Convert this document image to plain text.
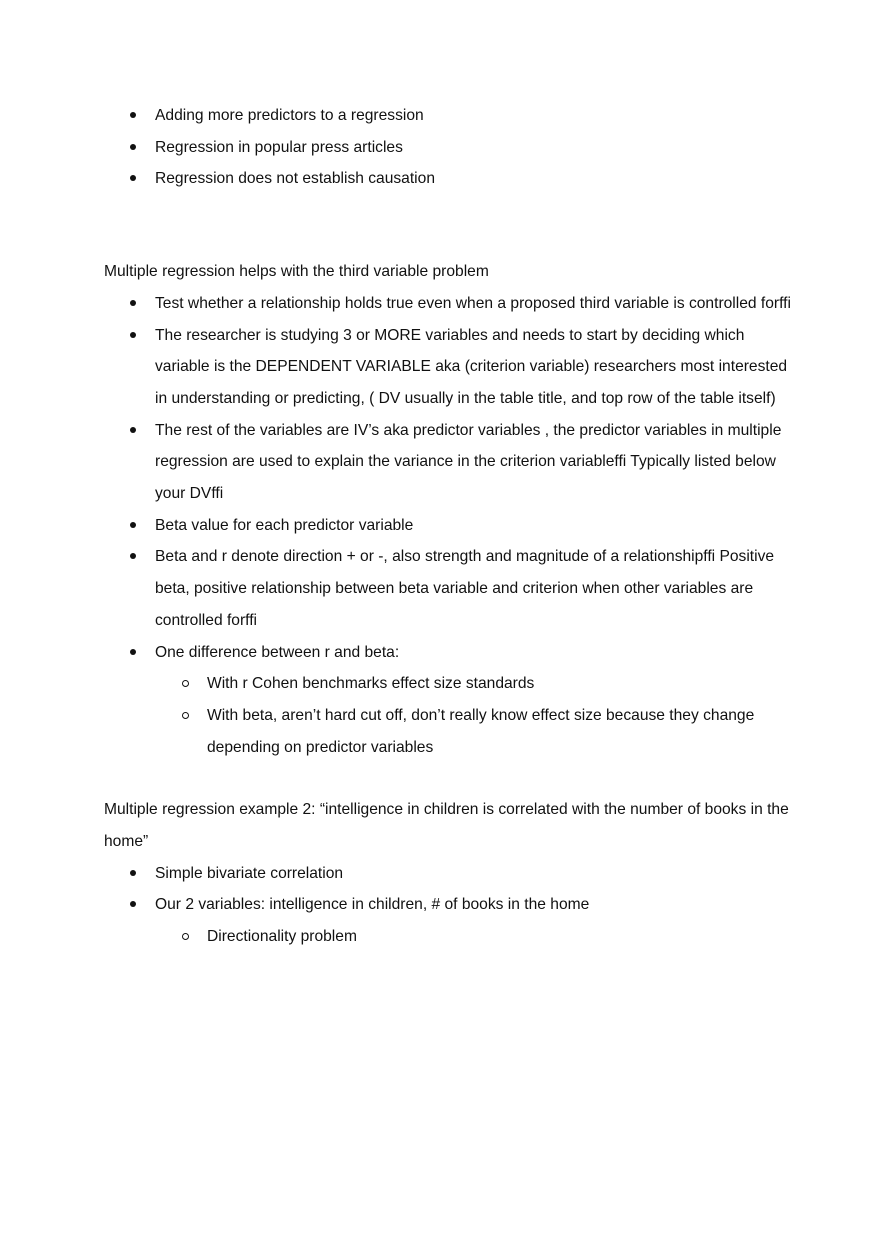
Adding more predictors to a regression
Regression in popular press articles
Regression does not establish causation

Multiple regression helps with the third variable problem

Test whether a relationship holds true even when a proposed third variable is controlled forffi
The researcher is studying 3 or MORE variables and needs to start by deciding which variable is the DEPENDENT VARIABLE aka (criterion variable) researchers most interested in understanding or predicting, ( DV usually in the table title, and top row of the table itself)
The rest of the variables are IV’s aka predictor variables , the predictor variables in multiple regression are used to explain the variance in the criterion variableffi Typically listed below your DVffi
Beta value for each predictor variable
Beta and r denote direction + or -, also strength and magnitude of a relationshipffi Positive beta, positive relationship between beta variable and criterion when other variables are controlled forffi
One difference between r and beta:
With r Cohen benchmarks effect size standards
With beta, aren’t hard cut off, don’t really know effect size because they change depending on predictor variables

Multiple regression example 2: “intelligence in children is correlated with the number of books in the home”

Simple bivariate correlation
Our 2 variables: intelligence in children, # of books in the home
Directionality problem
